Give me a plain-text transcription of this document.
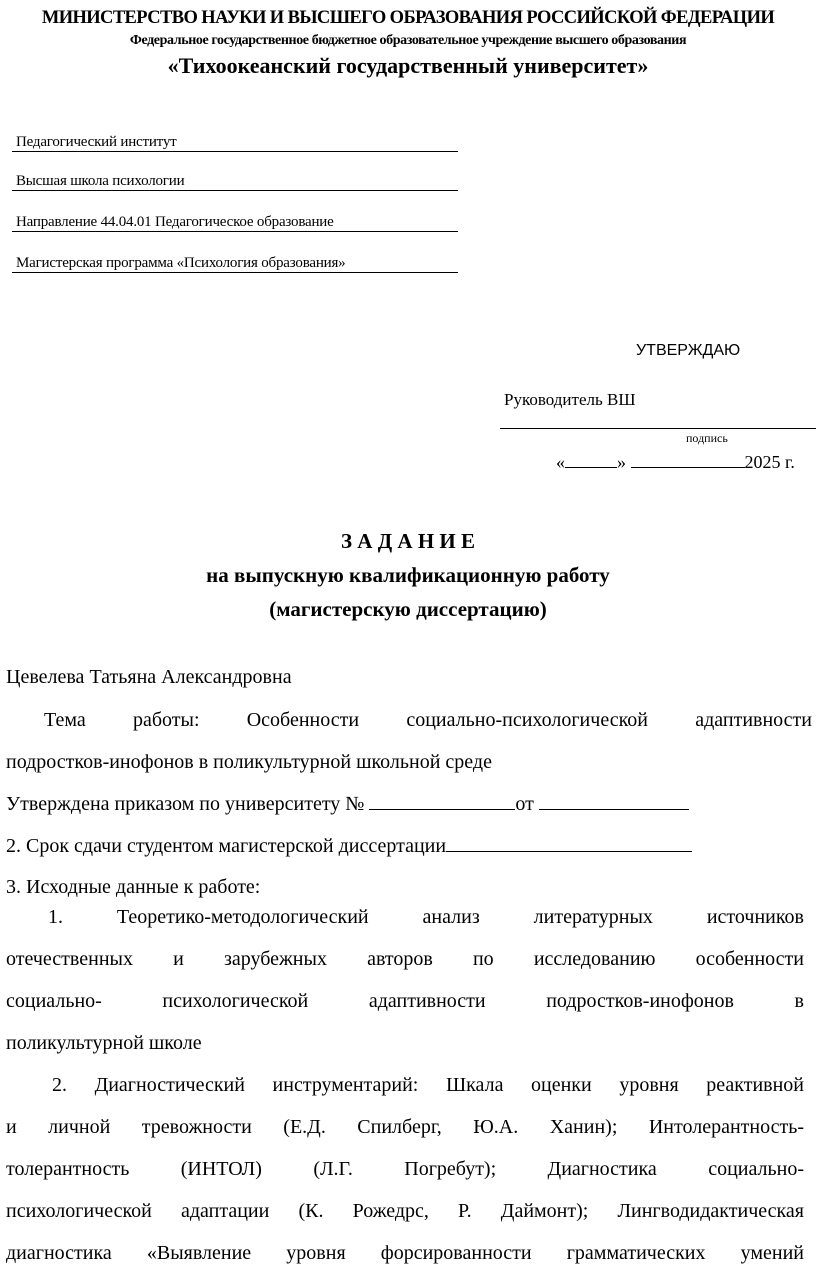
МИНИСТЕРСТВО НАУКИ И ВЫСШЕГО ОБРАЗОВАНИЯ РОССИЙСКОЙ ФЕДЕРАЦИИ
Федеральное государственное бюджетное образовательное учреждение высшего образования
«Тихоокеанский государственный университет»
Педагогический институт
Высшая школа психологии
Направление 44.04.01 Педагогическое образование
Магистерская программа «Психология образования»
УТВЕРЖДАЮ
Руководитель ВШ
подпись
«	»	2025 г.
З А Д А Н И Е
на выпускную квалификационную работу
(магистерскую диссертацию)
Цевелева Татьяна Александровна
Тема работы: Особенности социально-психологической адаптивности
подростков-инофонов в поликультурной школьной среде
Утверждена приказом по университету №	от
2. Срок сдачи студентом магистерской диссертации
3. Исходные данные к работе:
1. Теоретико-методологический анализ литературных источников
отечественных и зарубежных авторов по исследованию особенности
социально- психологической адаптивности подростков-инофонов в
поликультурной школе
2. Диагностический инструментарий: Шкала оценки уровня реактивной
и личной тревожности (Е.Д. Спилберг, Ю.А. Ханин); Интолерантность-
толерантность (ИНТОЛ) (Л.Г. Погребут); Диагностика социально-
психологической адаптации (К. Рожедрс, Р. Даймонт); Лингводидактическая
диагностика «Выявление уровня форсированности грамматических умений
